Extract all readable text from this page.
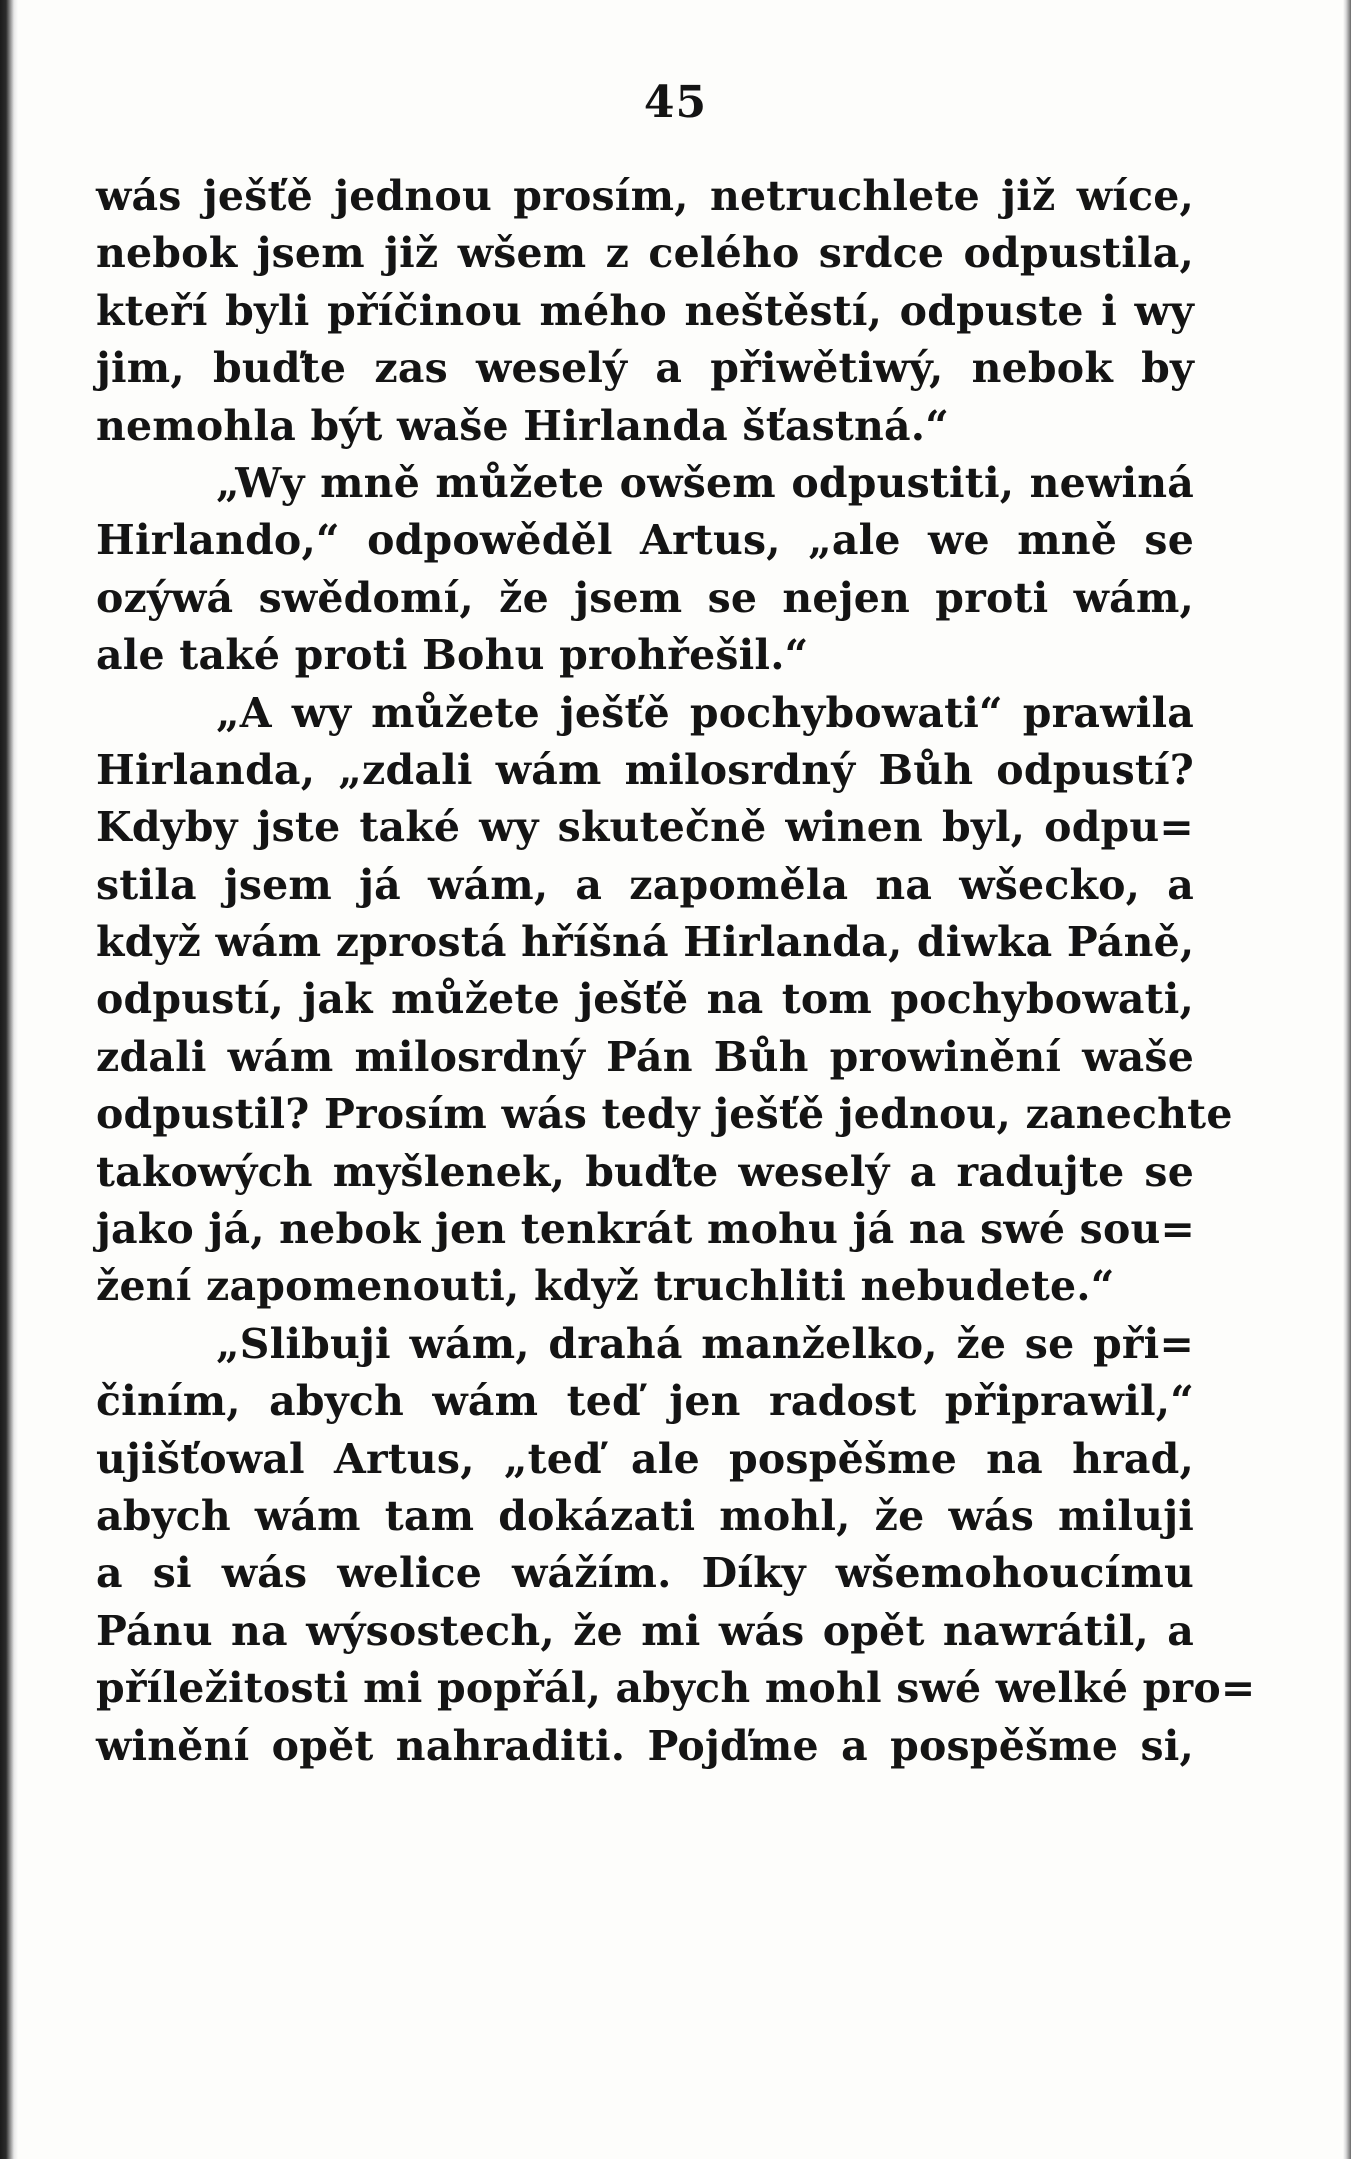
45
wás ješťě jednou prosím, netruchlete již wíce,
nebok jsem již wšem z celého srdce odpustila,
kteří byli příčinou mého neštěstí, odpuste i wy
jim, buďte zas weselý a přiwětiwý, nebok by
nemohla být waše Hirlanda šťastná.“
„Wy mně můžete owšem odpustiti, newiná
Hirlando,“ odpowěděl Artus, „ale we mně se
ozýwá swědomí, že jsem se nejen proti wám,
ale také proti Bohu prohřešil.“
„A wy můžete ješťě pochybowati“ prawila
Hirlanda, „zdali wám milosrdný Bůh odpustí?
Kdyby jste také wy skutečně winen byl, odpu=
stila jsem já wám, a zapoměla na wšecko, a
když wám zprostá hříšná Hirlanda, diwka Páně,
odpustí, jak můžete ješťě na tom pochybowati,
zdali wám milosrdný Pán Bůh prowinění waše
odpustil? Prosím wás tedy ješťě jednou, zanechte
takowých myšlenek, buďte weselý a radujte se
jako já, nebok jen tenkrát mohu já na swé sou=
žení zapomenouti, když truchliti nebudete.“
„Slibuji wám, drahá manželko, že se při=
činím, abych wám teď jen radost připrawil,“
ujišťowal Artus, „teď ale pospěšme na hrad,
abych wám tam dokázati mohl, že wás miluji
a si wás welice wážím. Díky wšemohoucímu
Pánu na wýsostech, že mi wás opět nawrátil, a
příležitosti mi popřál, abych mohl swé welké pro=
winění opět nahraditi. Pojďme a pospěšme si,
